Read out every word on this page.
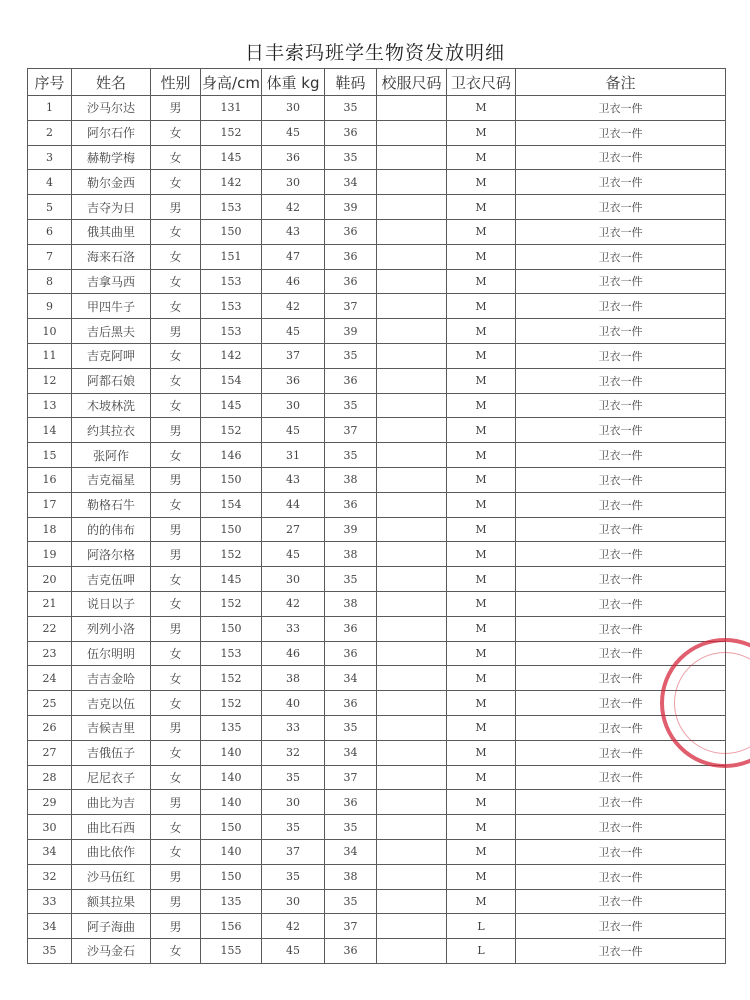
日丰索玛班学生物资发放明细
序号	姓名	性别	身高/cm	体重 kg	鞋码	校服尺码	卫衣尺码	备注
1	沙马尔达	男	131	30	35		M	卫衣一件
2	阿尔石作	女	152	45	36		M	卫衣一件
3	赫勒学梅	女	145	36	35		M	卫衣一件
4	勒尔金西	女	142	30	34		M	卫衣一件
5	吉夺为日	男	153	42	39		M	卫衣一件
6	俄其曲里	女	150	43	36		M	卫衣一件
7	海来石洛	女	151	47	36		M	卫衣一件
8	吉拿马西	女	153	46	36		M	卫衣一件
9	甲四牛子	女	153	42	37		M	卫衣一件
10	吉后黑夫	男	153	45	39		M	卫衣一件
11	吉克阿呷	女	142	37	35		M	卫衣一件
12	阿都石娘	女	154	36	36		M	卫衣一件
13	木坡林洗	女	145	30	35		M	卫衣一件
14	约其拉衣	男	152	45	37		M	卫衣一件
15	张阿作	女	146	31	35		M	卫衣一件
16	吉克福星	男	150	43	38		M	卫衣一件
17	勒格石牛	女	154	44	36		M	卫衣一件
18	的的伟布	男	150	27	39		M	卫衣一件
19	阿洛尔格	男	152	45	38		M	卫衣一件
20	吉克伍呷	女	145	30	35		M	卫衣一件
21	说日以子	女	152	42	38		M	卫衣一件
22	列列小洛	男	150	33	36		M	卫衣一件
23	伍尔明明	女	153	46	36		M	卫衣一件
24	吉吉金哈	女	152	38	34		M	卫衣一件
25	吉克以伍	女	152	40	36		M	卫衣一件
26	吉候吉里	男	135	33	35		M	卫衣一件
27	吉俄伍子	女	140	32	34		M	卫衣一件
28	尼尼衣子	女	140	35	37		M	卫衣一件
29	曲比为吉	男	140	30	36		M	卫衣一件
30	曲比石西	女	150	35	35		M	卫衣一件
34	曲比依作	女	140	37	34		M	卫衣一件
32	沙马伍红	男	150	35	38		M	卫衣一件
33	额其拉果	男	135	30	35		M	卫衣一件
34	阿子海曲	男	156	42	37		L	卫衣一件
35	沙马金石	女	155	45	36		L	卫衣一件
